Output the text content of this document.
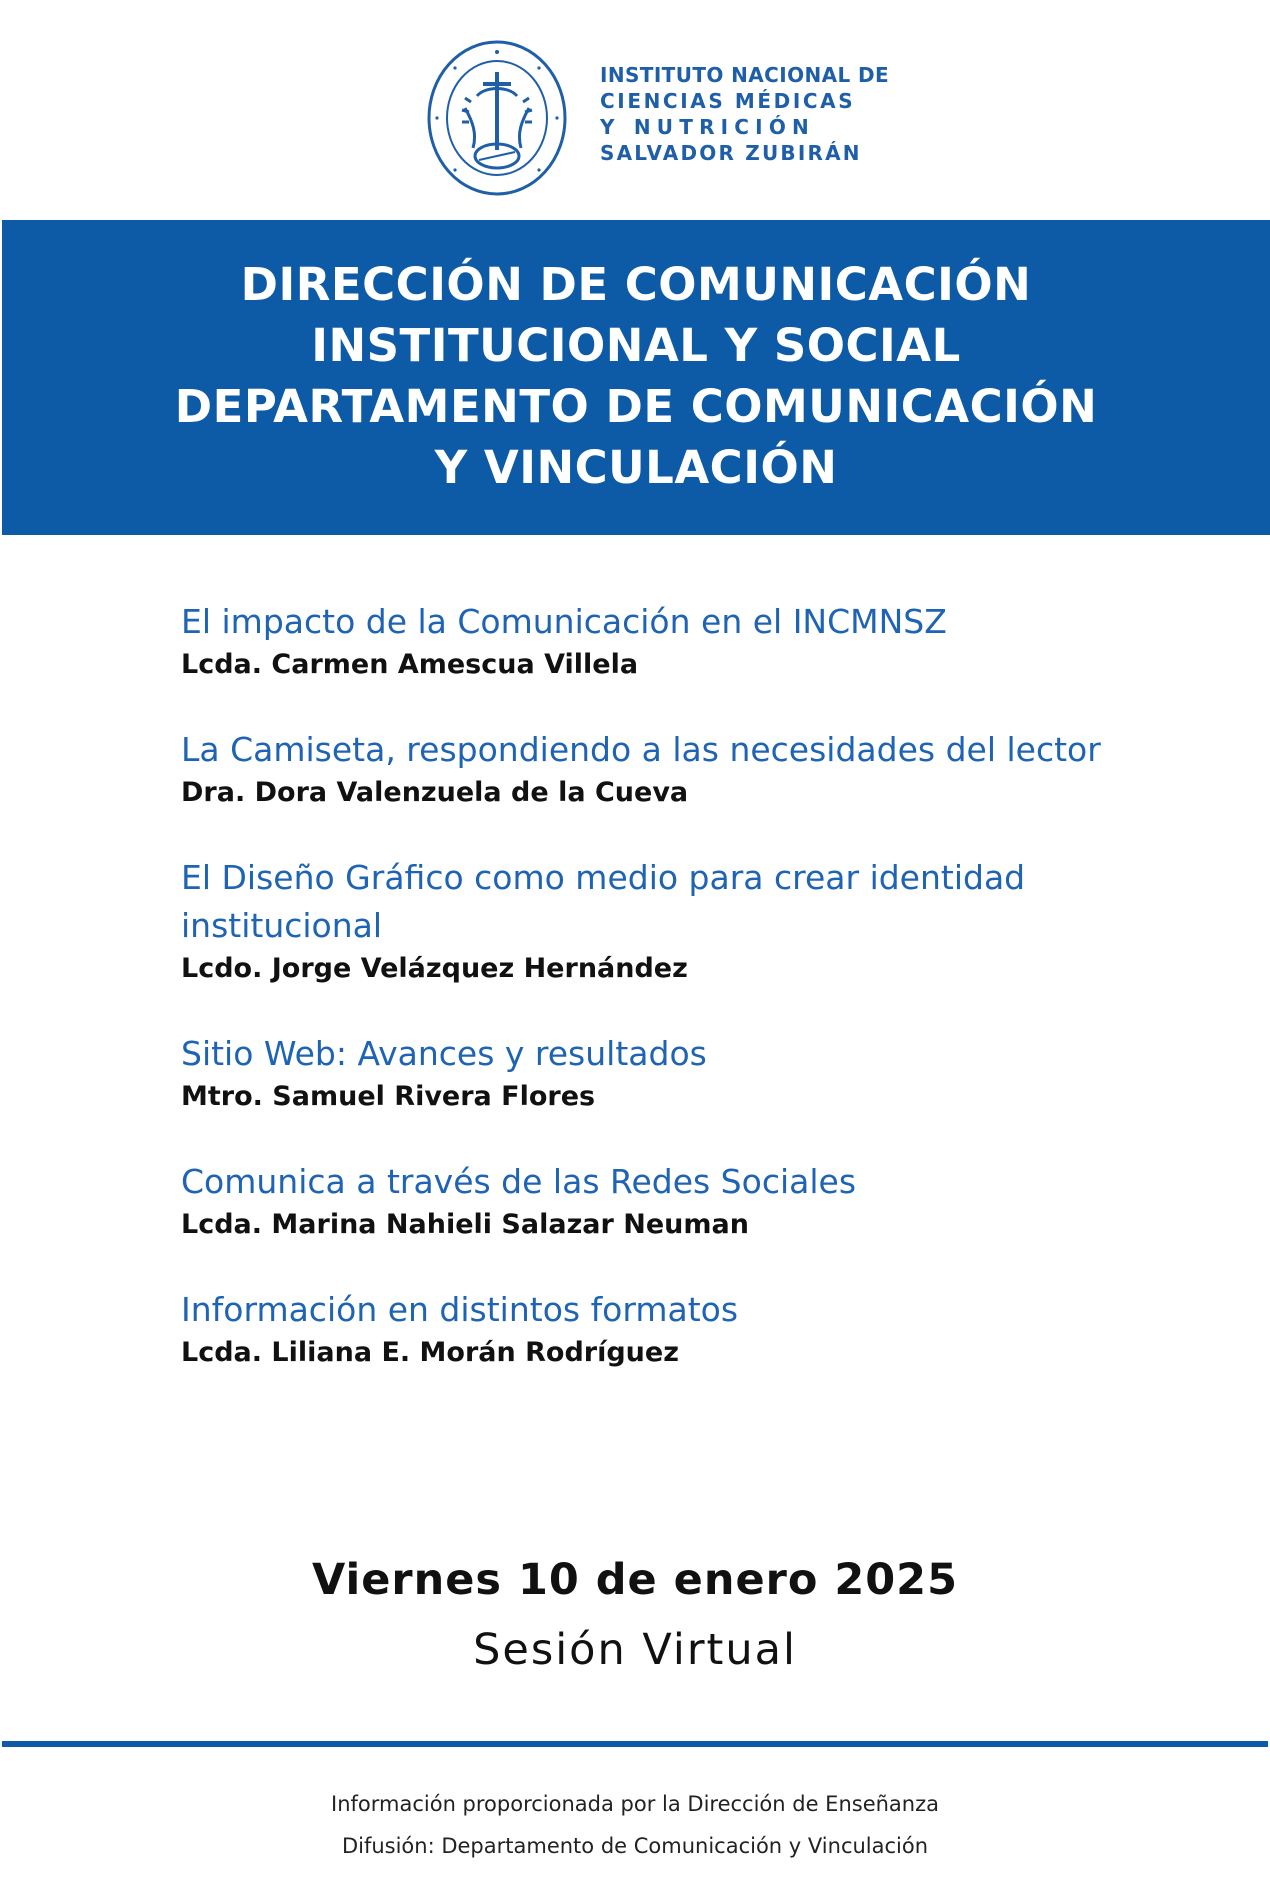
INSTITUTO NACIONAL DE
CIENCIAS MÉDICAS
Y NUTRICIÓN
SALVADOR ZUBIRÁN
DIRECCIÓN DE COMUNICACIÓN
INSTITUCIONAL Y SOCIAL
DEPARTAMENTO DE COMUNICACIÓN
Y VINCULACIÓN
El impacto de la Comunicación en el INCMNSZ
Lcda. Carmen Amescua Villela
La Camiseta, respondiendo a las necesidades del lector
Dra. Dora Valenzuela de la Cueva
El Diseño Gráfico como medio para crear identidad institucional
Lcdo. Jorge Velázquez Hernández
Sitio Web: Avances y resultados
Mtro. Samuel Rivera Flores
Comunica a través de las Redes Sociales
Lcda. Marina Nahieli Salazar Neuman
Información en distintos formatos
Lcda. Liliana E. Morán Rodríguez
Viernes 10 de enero 2025
Sesión Virtual
Información proporcionada por la Dirección de Enseñanza
Difusión: Departamento de Comunicación y Vinculación
